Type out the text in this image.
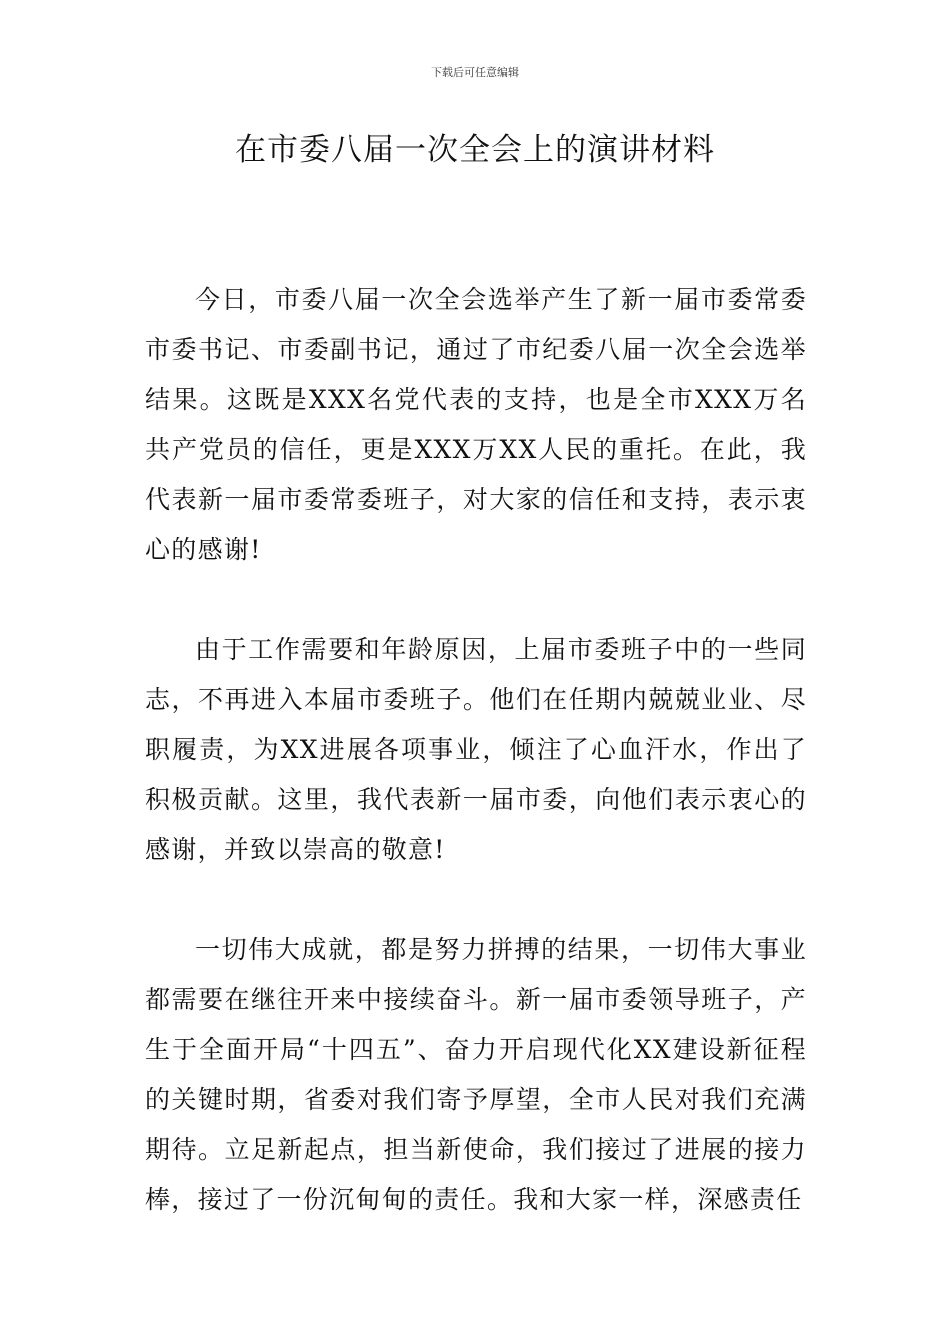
下载后可任意编辑
在市委八届一次全会上的演讲材料

今日，市委八届一次全会选举产生了新一届市委常委市委书记、市委副书记，通过了市纪委八届一次全会选举结果。这既是XXX名党代表的支持，也是全市XXX万名共产党员的信任，更是XXX万XX人民的重托。在此，我代表新一届市委常委班子，对大家的信任和支持，表示衷心的感谢!

由于工作需要和年龄原因，上届市委班子中的一些同志，不再进入本届市委班子。他们在任期内兢兢业业、尽职履责，为XX进展各项事业，倾注了心血汗水，作出了积极贡献。这里，我代表新一届市委，向他们表示衷心的感谢，并致以崇高的敬意!

一切伟大成就，都是努力拼搏的结果，一切伟大事业都需要在继往开来中接续奋斗。新一届市委领导班子，产生于全面开局“十四五”、奋力开启现代化XX建设新征程的关键时期，省委对我们寄予厚望，全市人民对我们充满期待。立足新起点，担当新使命，我们接过了进展的接力棒，接过了一份沉甸甸的责任。我和大家一样，深感责任
